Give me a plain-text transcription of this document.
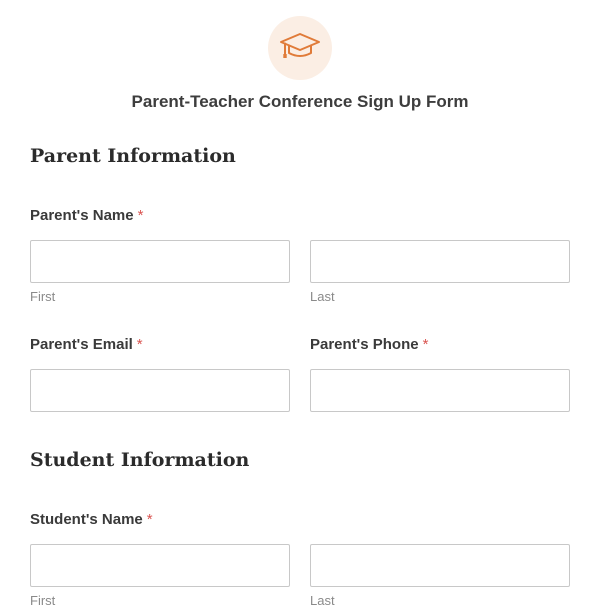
Parent-Teacher Conference Sign Up Form
Parent Information
Parent's Name *
First	Last
Parent's Email *	Parent's Phone *
Student Information
Student's Name *
First	Last
